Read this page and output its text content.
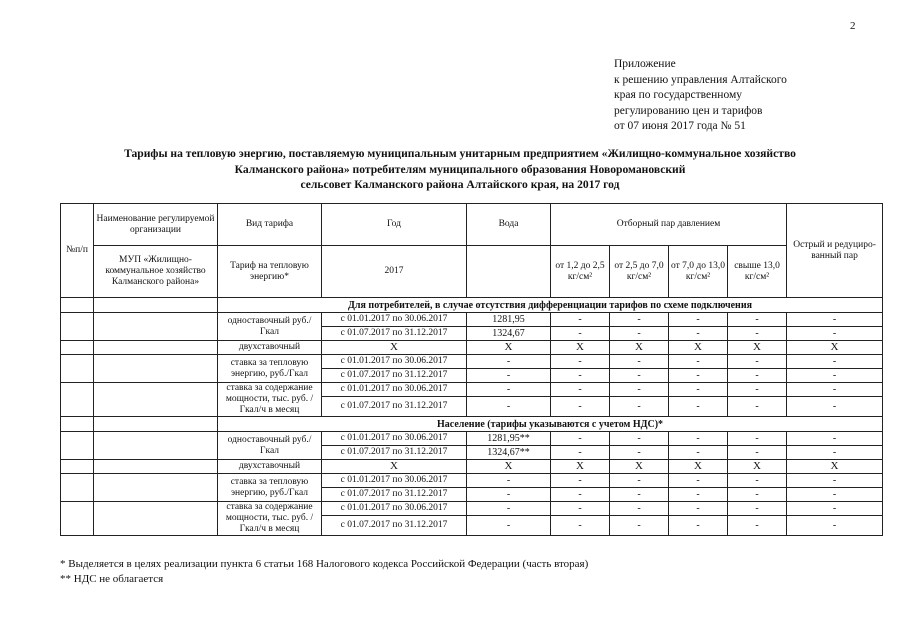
2
Приложение
к решению управления Алтайского
края по государственному
регулированию цен и тарифов
от 07 июня 2017 года № 51
Тарифы на тепловую энергию, поставляемую муниципальным унитарным предприятием «Жилищно-коммунальное хозяйство
Калманского района» потребителям муниципального образования Новоромановский
сельсовет Калманского района Алтайского края, на 2017 год
№п/п	Наименование регулируемой организации	Вид тарифа	Год	Вода	Отборный пар давлением				Острый и редуциро-ванный пар
	МУП «Жилищно-коммунальное хозяйство Калманского района»	Тариф на тепловую энергию*	2017		от 1,2 до 2,5 кг/см²	от 2,5 до 7,0 кг/см²	от 7,0 до 13,0 кг/см²	свыше 13,0 кг/см²	
		Для потребителей, в случае отсутствия дифференциации тарифов по схеме подключения							
		одноставочный руб./Гкал	с 01.01.2017 по 30.06.2017	1281,95	-	-	-	-	-
			с 01.07.2017 по 31.12.2017	1324,67	-	-	-	-	-
		двухставочный	X	X	X	X	X	X	X
		ставка за тепловую энергию, руб./Гкал	с 01.01.2017 по 30.06.2017	-	-	-	-	-	-
			с 01.07.2017 по 31.12.2017	-	-	-	-	-	-
		ставка за содержание мощности, тыс. руб. /Гкал/ч в месяц	с 01.01.2017 по 30.06.2017	-	-	-	-	-	-
			с 01.07.2017 по 31.12.2017	-	-	-	-	-	-
		Население (тарифы указываются с учетом НДС)*							
		одноставочный руб./Гкал	с 01.01.2017 по 30.06.2017	1281,95**	-	-	-	-	-
			с 01.07.2017 по 31.12.2017	1324,67**	-	-	-	-	-
		двухставочный	X	X	X	X	X	X	X
		ставка за тепловую энергию, руб./Гкал	с 01.01.2017 по 30.06.2017	-	-	-	-	-	-
			с 01.07.2017 по 31.12.2017	-	-	-	-	-	-
		ставка за содержание мощности, тыс. руб. /Гкал/ч в месяц	с 01.01.2017 по 30.06.2017	-	-	-	-	-	-
			с 01.07.2017 по 31.12.2017	-	-	-	-	-	-
* Выделяется в целях реализации пункта 6 статьи 168 Налогового кодекса Российской Федерации (часть вторая)
** НДС не облагается
